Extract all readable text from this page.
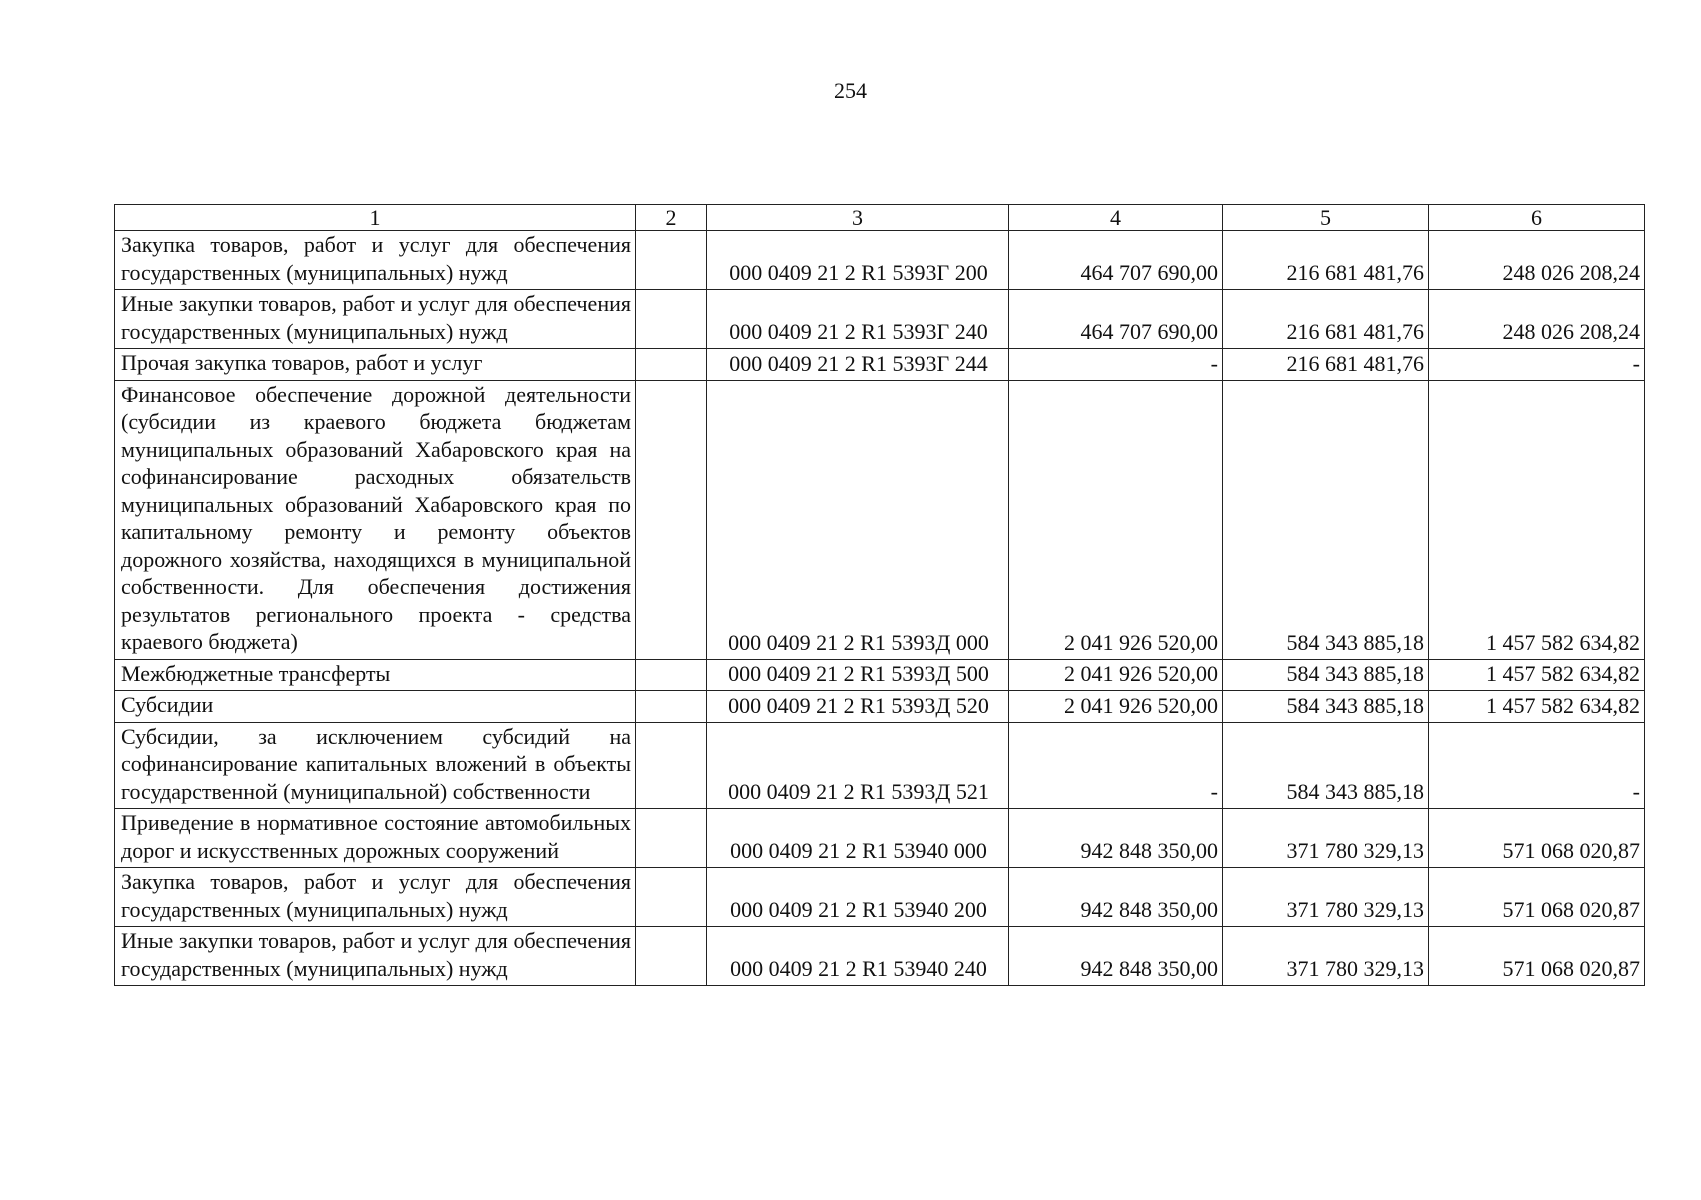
254
1	2	3	4	5	6
Закупка товаров, работ и услуг для обеспечения государственных (муниципальных) нужд		000 0409 21 2 R1 5393Г 200	464 707 690,00	216 681 481,76	248 026 208,24
Иные закупки товаров, работ и услуг для обеспечения государственных (муниципальных) нужд		000 0409 21 2 R1 5393Г 240	464 707 690,00	216 681 481,76	248 026 208,24
Прочая закупка товаров, работ и услуг		000 0409 21 2 R1 5393Г 244	-	216 681 481,76	-
Финансовое обеспечение дорожной деятельности (субсидии из краевого бюджета бюджетам муниципальных образований Хабаровского края на софинансирование расходных обязательств муниципальных образований Хабаровского края по капитальному ремонту и ремонту объектов дорожного хозяйства, находящихся в муниципальной собственности. Для обеспечения достижения результатов регионального проекта - средства краевого бюджета)		000 0409 21 2 R1 5393Д 000	2 041 926 520,00	584 343 885,18	1 457 582 634,82
Межбюджетные трансферты		000 0409 21 2 R1 5393Д 500	2 041 926 520,00	584 343 885,18	1 457 582 634,82
Субсидии		000 0409 21 2 R1 5393Д 520	2 041 926 520,00	584 343 885,18	1 457 582 634,82
Субсидии, за исключением субсидий на софинансирование капитальных вложений в объекты государственной (муниципальной) собственности		000 0409 21 2 R1 5393Д 521	-	584 343 885,18	-
Приведение в нормативное состояние автомобильных дорог и искусственных дорожных сооружений		000 0409 21 2 R1 53940 000	942 848 350,00	371 780 329,13	571 068 020,87
Закупка товаров, работ и услуг для обеспечения государственных (муниципальных) нужд		000 0409 21 2 R1 53940 200	942 848 350,00	371 780 329,13	571 068 020,87
Иные закупки товаров, работ и услуг для обеспечения государственных (муниципальных) нужд		000 0409 21 2 R1 53940 240	942 848 350,00	371 780 329,13	571 068 020,87
